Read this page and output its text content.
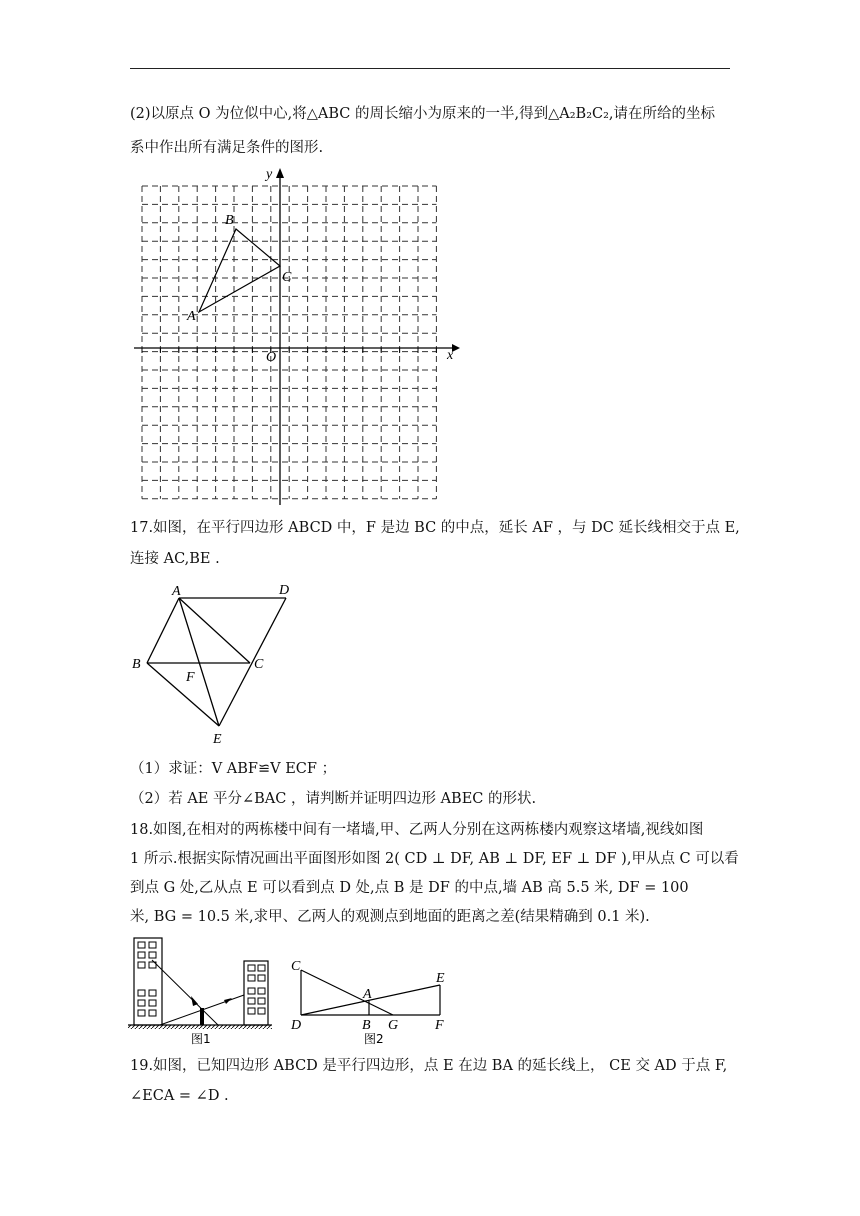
(2)以原点 O 为位似中心,将△ABC 的周长缩小为原来的一半,得到△A₂B₂C₂,请在所给的坐标
系中作出所有满足条件的图形.
x
y
O
A
B
C
17.如图，在平行四边形 ABCD 中，F 是边 BC 的中点，延长 AF ，与 DC 延长线相交于点 E,
连接 AC,BE .
A	D
B	C
F
E
（1）求证：V ABF≌V ECF ；
（2）若 AE 平分∠BAC ，请判断并证明四边形 ABEC 的形状.
18.如图,在相对的两栋楼中间有一堵墙,甲、乙两人分别在这两栋楼内观察这堵墙,视线如图
1 所示.根据实际情况画出平面图形如图 2( CD ⊥ DF, AB ⊥ DF, EF ⊥ DF ),甲从点 C 可以看
到点 G 处,乙从点 E 可以看到点 D 处,点 B 是 DF 的中点,墙 AB 高 5.5 米, DF = 100
米, BG = 10.5 米,求甲、乙两人的观测点到地面的距离之差(结果精确到 0.1 米).
图1
C
A
E
D	B G	F
图2
19.如图，已知四边形 ABCD 是平行四边形，点 E 在边 BA 的延长线上， CE 交 AD 于点 F,
∠ECA = ∠D .
